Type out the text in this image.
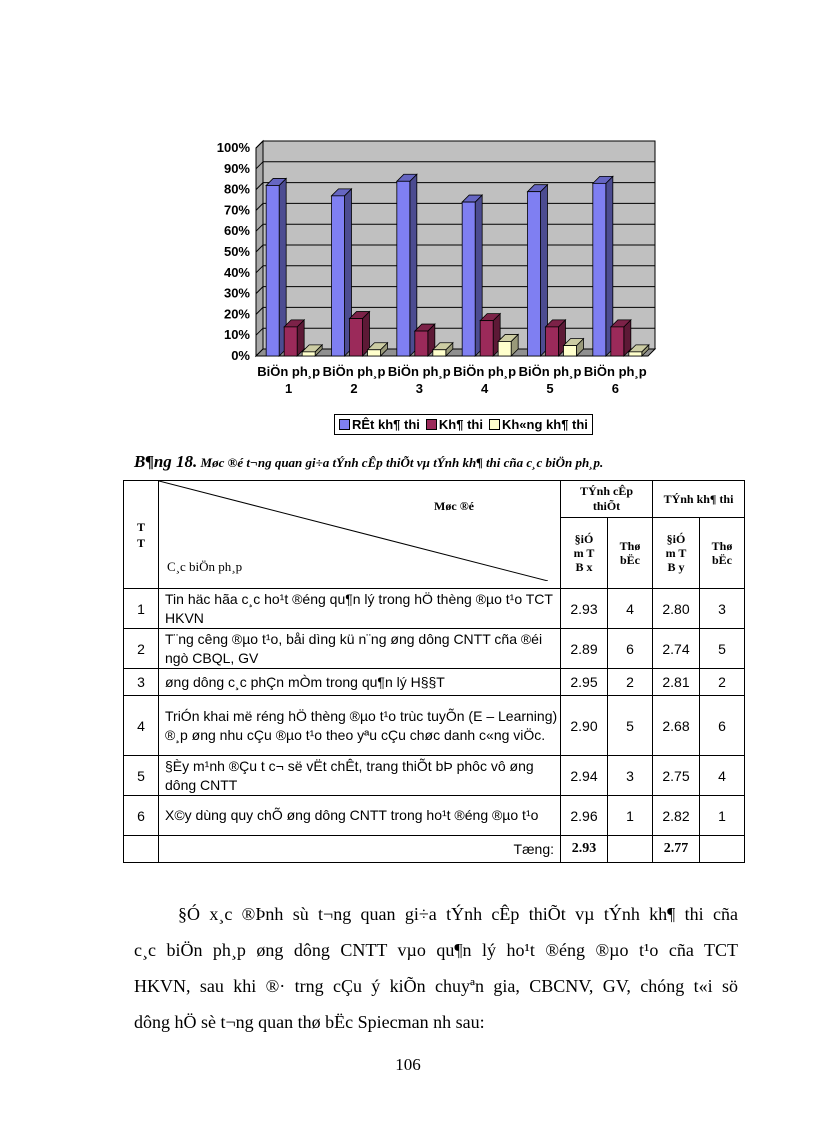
0%
10%
20%
30%
40%
50%
60%
70%
80%
90%
100%
BiÖn ph¸p
1
BiÖn ph¸p
2
BiÖn ph¸p
3
BiÖn ph¸p
4
BiÖn ph¸p
5
BiÖn ph¸p
6
RÊt kh¶ thi Kh¶ thi Kh«ng kh¶ thi
B¶ng 18. Møc ®é t¬ng quan gi÷a tÝnh cÊp thiÕt vµ tÝnh kh¶ thi cña c¸c biÖn ph¸p.
TT	Møc ®é
C¸c biÖn ph¸p	TÝnh cÊp thiÕt		TÝnh kh¶ thi	
		§iÓm TB x	Thø bËc	§iÓm TB y	Thø bËc
1	Tin häc hãa c¸c ho¹t ®éng qu¶n lý trong hÖ thèng ®µo t¹o TCT HKVN	2.93	4	2.80	3
2	T¨ng cêng ®µo t¹o, båi dìng kü n¨ng øng dông CNTT cña ®éi ngò CBQL, GV	2.89	6	2.74	5
3	øng dông c¸c phÇn mÒm trong qu¶n lý H§§T	2.95	2	2.81	2
4	TriÓn khai më réng hÖ thèng ®µo t¹o trùc tuyÕn (E – Learning) ®¸p øng nhu cÇu ®µo t¹o theo yªu cÇu chøc danh c«ng viÖc.	2.90	5	2.68	6
5	§Èy m¹nh ®Çu t c¬ së vËt chÊt, trang thiÕt bÞ phôc vô øng dông CNTT	2.94	3	2.75	4
6	X©y dùng quy chÕ øng dông CNTT trong ho¹t ®éng ®µo t¹o	2.96	1	2.82	1
	Tæng:	2.93		2.77	
§Ó x¸c ®Þnh sù t¬ng quan gi÷a tÝnh cÊp thiÕt vµ tÝnh kh¶ thi cña
c¸c biÖn ph¸p øng dông CNTT vµo qu¶n lý ho¹t ®éng ®µo t¹o cña TCT
HKVN, sau khi ®· trng cÇu ý kiÕn chuyªn gia, CBCNV, GV, chóng t«i sö
dông hÖ sè t¬ng quan thø bËc Spiecman nh sau:
106
